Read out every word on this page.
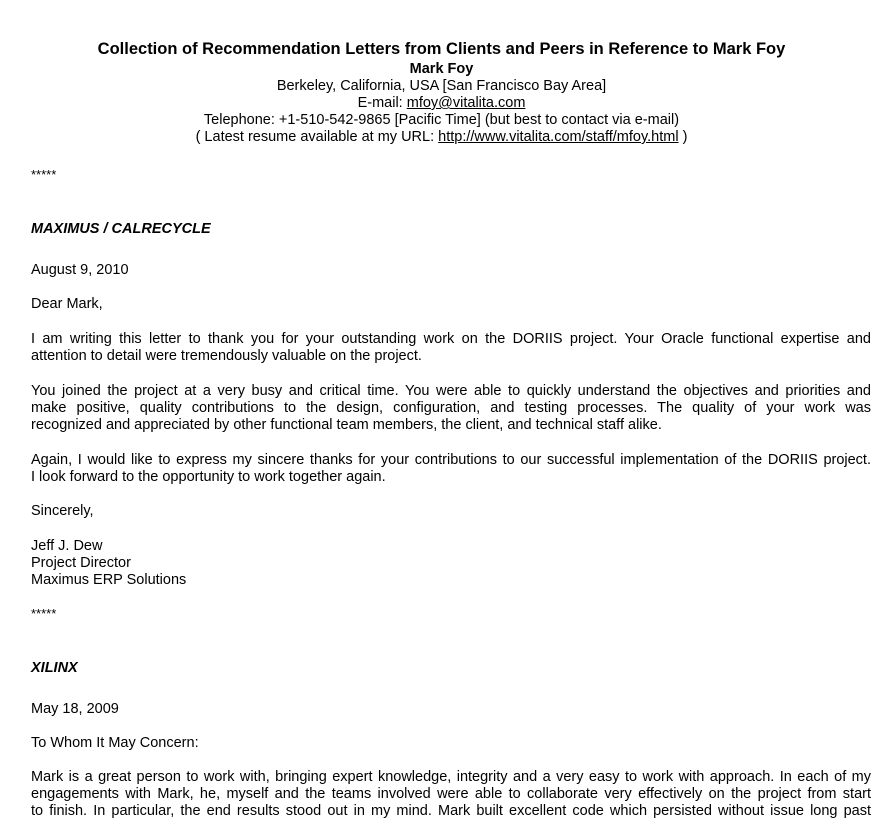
Collection of Recommendation Letters from Clients and Peers in Reference to Mark Foy
Mark Foy
Berkeley, California, USA [San Francisco Bay Area]
E-mail: mfoy@vitalita.com
Telephone: +1-510-542-9865 [Pacific Time] (but best to contact via e-mail)
( Latest resume available at my URL: http://www.vitalita.com/staff/mfoy.html )
*****
MAXIMUS / CALRECYCLE
August 9, 2010
Dear Mark,
I am writing this letter to thank you for your outstanding work on the DORIIS project. Your Oracle functional expertise and
attention to detail were tremendously valuable on the project.
You joined the project at a very busy and critical time. You were able to quickly understand the objectives and priorities and
make positive, quality contributions to the design, configuration, and testing processes. The quality of your work was
recognized and appreciated by other functional team members, the client, and technical staff alike.
Again, I would like to express my sincere thanks for your contributions to our successful implementation of the DORIIS project.
I look forward to the opportunity to work together again.
Sincerely,
Jeff J. Dew
Project Director
Maximus ERP Solutions
*****
XILINX
May 18, 2009
To Whom It May Concern:
Mark is a great person to work with, bringing expert knowledge, integrity and a very easy to work with approach. In each of my
engagements with Mark, he, myself and the teams involved were able to collaborate very effectively on the project from start
to finish. In particular, the end results stood out in my mind. Mark built excellent code which persisted without issue long past
